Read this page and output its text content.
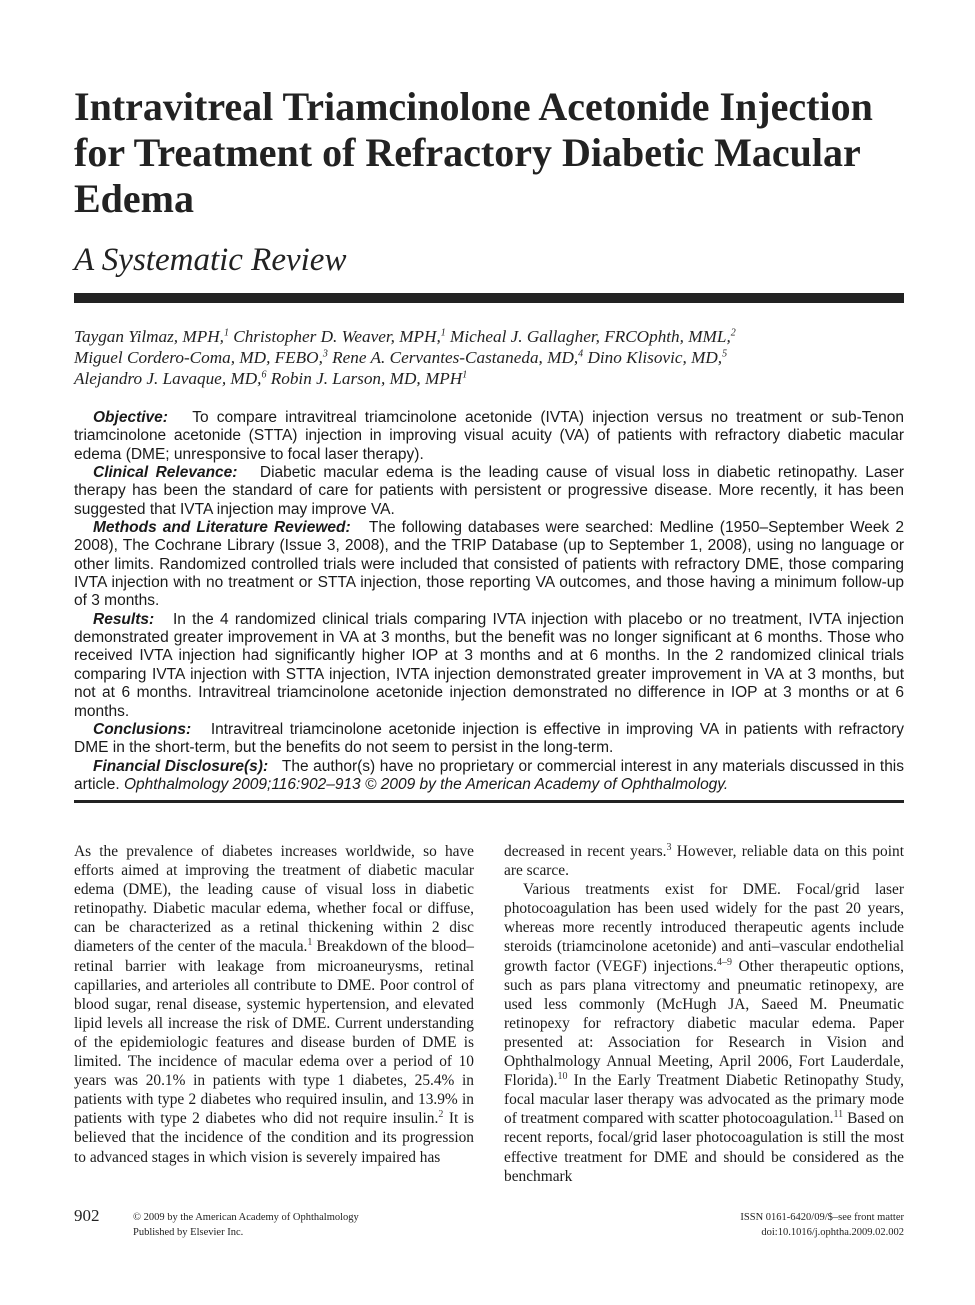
Intravitreal Triamcinolone Acetonide Injection for Treatment of Refractory Diabetic Macular Edema
A Systematic Review
Taygan Yilmaz, MPH,$^1$ Christopher D. Weaver, MPH,$^1$ Micheal J. Gallagher, FRCOphth, MML,$^2$
Miguel Cordero-Coma, MD, FEBO,$^3$ Rene A. Cervantes-Castaneda, MD,$^4$ Dino Klisovic, MD,$^5$
Alejandro J. Lavaque, MD,$^6$ Robin J. Larson, MD, MPH$^1$

Objective: To compare intravitreal triamcinolone acetonide (IVTA) injection versus no treatment or sub-Tenon triamcinolone acetonide (STTA) injection in improving visual acuity (VA) of patients with refractory diabetic macular edema (DME; unresponsive to focal laser therapy).

Clinical Relevance: Diabetic macular edema is the leading cause of visual loss in diabetic retinopathy. Laser therapy has been the standard of care for patients with persistent or progressive disease. More recently, it has been suggested that IVTA injection may improve VA.

Methods and Literature Reviewed: The following databases were searched: Medline (1950–September Week 2 2008), The Cochrane Library (Issue 3, 2008), and the TRIP Database (up to September 1, 2008), using no language or other limits. Randomized controlled trials were included that consisted of patients with refractory DME, those comparing IVTA injection with no treatment or STTA injection, those reporting VA outcomes, and those having a minimum follow-up of 3 months.

Results: In the 4 randomized clinical trials comparing IVTA injection with placebo or no treatment, IVTA injection demonstrated greater improvement in VA at 3 months, but the benefit was no longer significant at 6 months. Those who received IVTA injection had significantly higher IOP at 3 months and at 6 months. In the 2 randomized clinical trials comparing IVTA injection with STTA injection, IVTA injection demonstrated greater improvement in VA at 3 months, but not at 6 months. Intravitreal triamcinolone acetonide injection demonstrated no difference in IOP at 3 months or at 6 months.

Conclusions: Intravitreal triamcinolone acetonide injection is effective in improving VA in patients with refractory DME in the short-term, but the benefits do not seem to persist in the long-term.

Financial Disclosure(s): The author(s) have no proprietary or commercial interest in any materials discussed in this article. Ophthalmology 2009;116:902–913 © 2009 by the American Academy of Ophthalmology.

As the prevalence of diabetes increases worldwide, so have efforts aimed at improving the treatment of diabetic macular edema (DME), the leading cause of visual loss in diabetic retinopathy. Diabetic macular edema, whether focal or diffuse, can be characterized as a retinal thickening within 2 disc diameters of the center of the macula.$^1$ Breakdown of the blood–retinal barrier with leakage from microaneurysms, retinal capillaries, and arterioles all contribute to DME. Poor control of blood sugar, renal disease, systemic hypertension, and elevated lipid levels all increase the risk of DME. Current understanding of the epidemiologic features and disease burden of DME is limited. The incidence of macular edema over a period of 10 years was 20.1% in patients with type 1 diabetes, 25.4% in patients with type 2 diabetes who required insulin, and 13.9% in patients with type 2 diabetes who did not require insulin.$^2$ It is believed that the incidence of the condition and its progression to advanced stages in which vision is severely impaired has

decreased in recent years.$^3$ However, reliable data on this point are scarce.

Various treatments exist for DME. Focal/grid laser photocoagulation has been used widely for the past 20 years, whereas more recently introduced therapeutic agents include steroids (triamcinolone acetonide) and anti–vascular endothelial growth factor (VEGF) injections.$^{4-9}$ Other therapeutic options, such as pars plana vitrectomy and pneumatic retinopexy, are used less commonly (McHugh JA, Saeed M. Pneumatic retinopexy for refractory diabetic macular edema. Paper presented at: Association for Research in Vision and Ophthalmology Annual Meeting, April 2006, Fort Lauderdale, Florida).$^{10}$ In the Early Treatment Diabetic Retinopathy Study, focal macular laser therapy was advocated as the primary mode of treatment compared with scatter photocoagulation.$^{11}$ Based on recent reports, focal/grid laser photocoagulation is still the most effective treatment for DME and should be considered as the benchmark

902	© 2009 by the American Academy of Ophthalmology
Published by Elsevier Inc.
ISSN 0161-6420/09/$–see front matter
doi:10.1016/j.ophtha.2009.02.002
